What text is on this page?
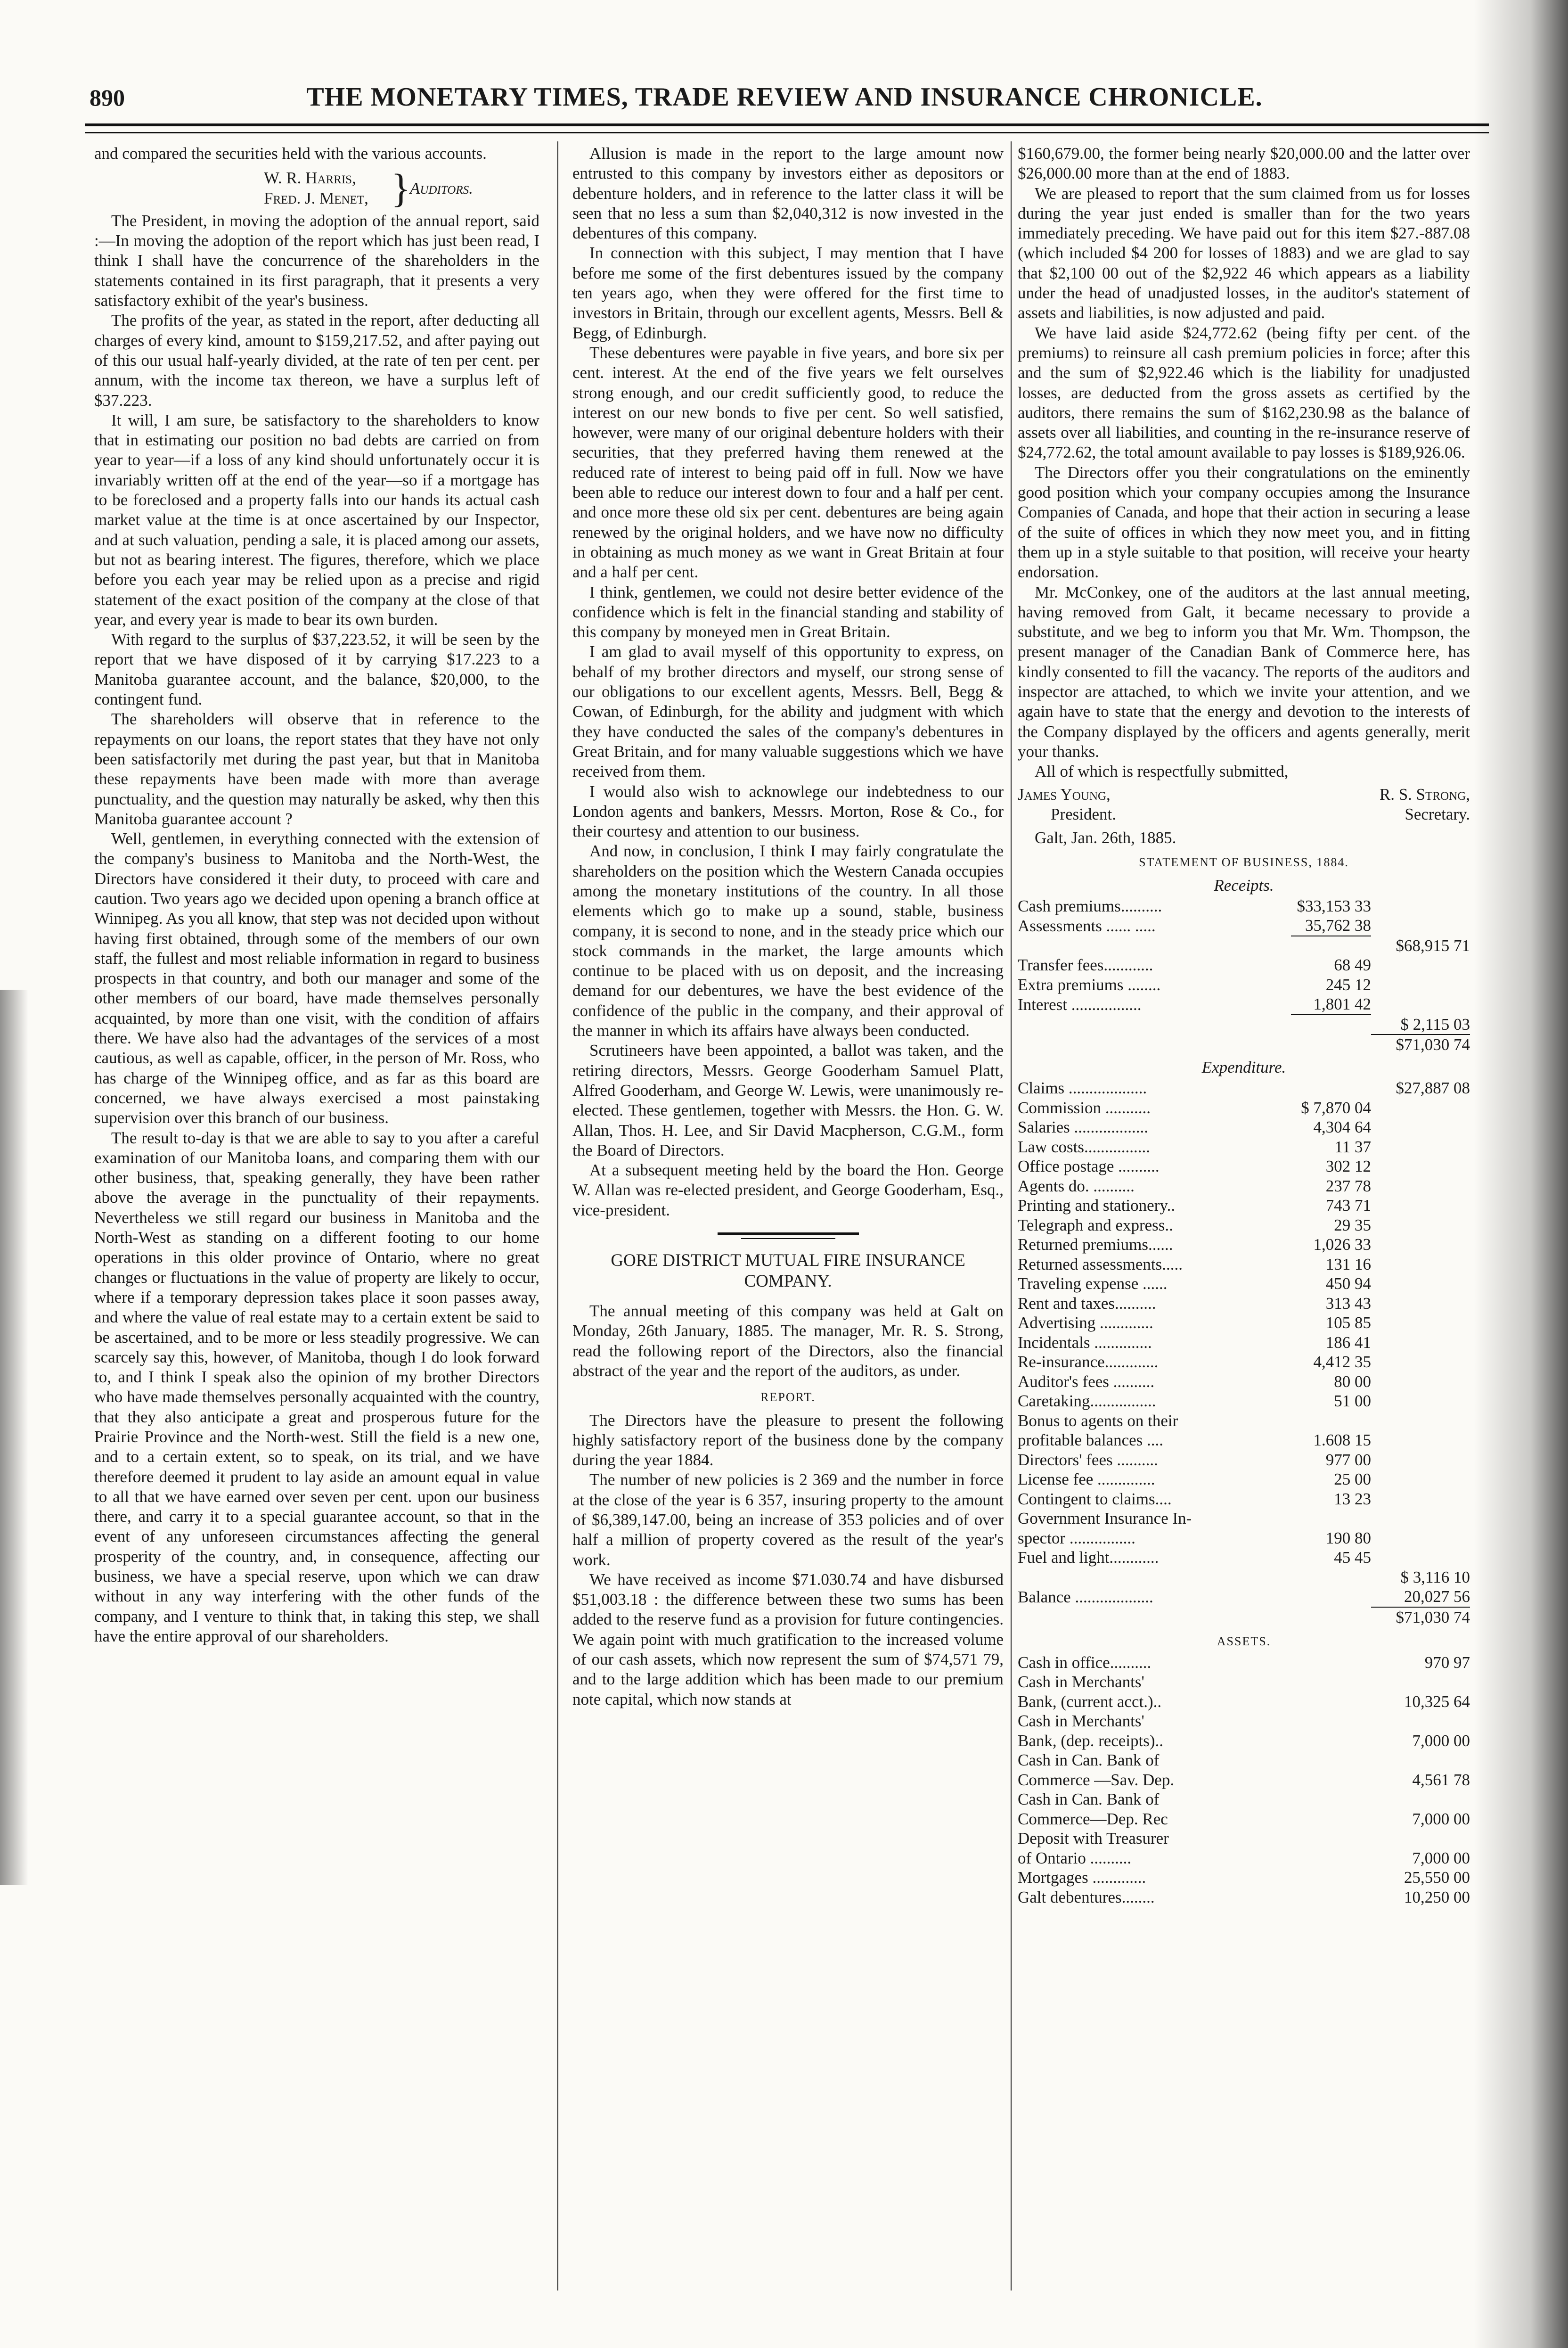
890	THE MONETARY TIMES, TRADE REVIEW AND INSURANCE CHRONICLE.

and compared the securities held with the various accounts.

W. R. Harris,
Fred. J. Menet, }
Auditors.

The President, in moving the adoption of the annual report, said :—In moving the adoption of the report which has just been read, I think I shall have the concurrence of the shareholders in the statements contained in its first paragraph, that it presents a very satisfactory exhibit of the year's business.

The profits of the year, as stated in the report, after deducting all charges of every kind, amount to $159,217.52, and after paying out of this our usual half-yearly divided, at the rate of ten per cent. per annum, with the income tax thereon, we have a surplus left of $37.223.

It will, I am sure, be satisfactory to the shareholders to know that in estimating our position no bad debts are carried on from year to year—if a loss of any kind should unfortunately occur it is invariably written off at the end of the year—so if a mortgage has to be foreclosed and a property falls into our hands its actual cash market value at the time is at once ascertained by our Inspector, and at such valuation, pending a sale, it is placed among our assets, but not as bearing interest. The figures, therefore, which we place before you each year may be relied upon as a precise and rigid statement of the exact position of the company at the close of that year, and every year is made to bear its own burden.

With regard to the surplus of $37,223.52, it will be seen by the report that we have disposed of it by carrying $17.223 to a Manitoba guarantee account, and the balance, $20,000, to the contingent fund.

The shareholders will observe that in reference to the repayments on our loans, the report states that they have not only been satisfactorily met during the past year, but that in Manitoba these repayments have been made with more than average punctuality, and the question may naturally be asked, why then this Manitoba guarantee account ?

Well, gentlemen, in everything connected with the extension of the company's business to Manitoba and the North-West, the Directors have considered it their duty, to proceed with care and caution. Two years ago we decided upon opening a branch office at Winnipeg. As you all know, that step was not decided upon without having first obtained, through some of the members of our own staff, the fullest and most reliable information in regard to business prospects in that country, and both our manager and some of the other members of our board, have made themselves personally acquainted, by more than one visit, with the condition of affairs there. We have also had the advantages of the services of a most cautious, as well as capable, officer, in the person of Mr. Ross, who has charge of the Winnipeg office, and as far as this board are concerned, we have always exercised a most painstaking supervision over this branch of our business.

The result to-day is that we are able to say to you after a careful examination of our Manitoba loans, and comparing them with our other business, that, speaking generally, they have been rather above the average in the punctuality of their repayments. Nevertheless we still regard our business in Manitoba and the North-West as standing on a different footing to our home operations in this older province of Ontario, where no great changes or fluctuations in the value of property are likely to occur, where if a temporary depression takes place it soon passes away, and where the value of real estate may to a certain extent be said to be ascertained, and to be more or less steadily progressive. We can scarcely say this, however, of Manitoba, though I do look forward to, and I think I speak also the opinion of my brother Directors who have made themselves personally acquainted with the country, that they also anticipate a great and prosperous future for the Prairie Province and the North-west. Still the field is a new one, and to a certain extent, so to speak, on its trial, and we have therefore deemed it prudent to lay aside an amount equal in value to all that we have earned over seven per cent. upon our business there, and carry it to a special guarantee account, so that in the event of any unforeseen circumstances affecting the general prosperity of the country, and, in consequence, affecting our business, we have a special reserve, upon which we can draw without in any way interfering with the other funds of the company, and I venture to think that, in taking this step, we shall have the entire approval of our shareholders.

Allusion is made in the report to the large amount now entrusted to this company by investors either as depositors or debenture holders, and in reference to the latter class it will be seen that no less a sum than $2,040,312 is now invested in the debentures of this company.

In connection with this subject, I may mention that I have before me some of the first debentures issued by the company ten years ago, when they were offered for the first time to investors in Britain, through our excellent agents, Messrs. Bell & Begg, of Edinburgh.

These debentures were payable in five years, and bore six per cent. interest. At the end of the five years we felt ourselves strong enough, and our credit sufficiently good, to reduce the interest on our new bonds to five per cent. So well satisfied, however, were many of our original debenture holders with their securities, that they preferred having them renewed at the reduced rate of interest to being paid off in full. Now we have been able to reduce our interest down to four and a half per cent. and once more these old six per cent. debentures are being again renewed by the original holders, and we have now no difficulty in obtaining as much money as we want in Great Britain at four and a half per cent.

I think, gentlemen, we could not desire better evidence of the confidence which is felt in the financial standing and stability of this company by moneyed men in Great Britain.

I am glad to avail myself of this opportunity to express, on behalf of my brother directors and myself, our strong sense of our obligations to our excellent agents, Messrs. Bell, Begg & Cowan, of Edinburgh, for the ability and judgment with which they have conducted the sales of the company's debentures in Great Britain, and for many valuable suggestions which we have received from them.

I would also wish to acknowlege our indebtedness to our London agents and bankers, Messrs. Morton, Rose & Co., for their courtesy and attention to our business.

And now, in conclusion, I think I may fairly congratulate the shareholders on the position which the Western Canada occupies among the monetary institutions of the country. In all those elements which go to make up a sound, stable, business company, it is second to none, and in the steady price which our stock commands in the market, the large amounts which continue to be placed with us on deposit, and the increasing demand for our debentures, we have the best evidence of the confidence of the public in the company, and their approval of the manner in which its affairs have always been conducted.

Scrutineers have been appointed, a ballot was taken, and the retiring directors, Messrs. George Gooderham Samuel Platt, Alfred Gooderham, and George W. Lewis, were unanimously re-elected. These gentlemen, together with Messrs. the Hon. G. W. Allan, Thos. H. Lee, and Sir David Macpherson, C.G.M., form the Board of Directors.

At a subsequent meeting held by the board the Hon. George W. Allan was re-elected president, and George Gooderham, Esq., vice-president.

GORE DISTRICT MUTUAL FIRE INSURANCE COMPANY.

The annual meeting of this company was held at Galt on Monday, 26th January, 1885. The manager, Mr. R. S. Strong, read the following report of the Directors, also the financial abstract of the year and the report of the auditors, as under.

REPORT.

The Directors have the pleasure to present the following highly satisfactory report of the business done by the company during the year 1884.

The number of new policies is 2 369 and the number in force at the close of the year is 6 357, insuring property to the amount of $6,389,147.00, being an increase of 353 policies and of over half a million of property covered as the result of the year's work.

We have received as income $71.030.74 and have disbursed $51,003.18 : the difference between these two sums has been added to the reserve fund as a provision for future contingencies. We again point with much gratification to the increased volume of our cash assets, which now represent the sum of $74,571 79, and to the large addition which has been made to our premium note capital, which now stands at

$160,679.00, the former being nearly $20,000.00 and the latter over $26,000.00 more than at the end of 1883.

We are pleased to report that the sum claimed from us for losses during the year just ended is smaller than for the two years immediately preceding. We have paid out for this item $27.-887.08 (which included $4 200 for losses of 1883) and we are glad to say that $2,100 00 out of the $2,922 46 which appears as a liability under the head of unadjusted losses, in the auditor's statement of assets and liabilities, is now adjusted and paid.

We have laid aside $24,772.62 (being fifty per cent. of the premiums) to reinsure all cash premium policies in force; after this and the sum of $2,922.46 which is the liability for unadjusted losses, are deducted from the gross assets as certified by the auditors, there remains the sum of $162,230.98 as the balance of assets over all liabilities, and counting in the re-insurance reserve of $24,772.62, the total amount available to pay losses is $189,926.06.

The Directors offer you their congratulations on the eminently good position which your company occupies among the Insurance Companies of Canada, and hope that their action in securing a lease of the suite of offices in which they now meet you, and in fitting them up in a style suitable to that position, will receive your hearty endorsation.

Mr. McConkey, one of the auditors at the last annual meeting, having removed from Galt, it became necessary to provide a substitute, and we beg to inform you that Mr. Wm. Thompson, the present manager of the Canadian Bank of Commerce here, has kindly consented to fill the vacancy. The reports of the auditors and inspector are attached, to which we invite your attention, and we again have to state that the energy and devotion to the interests of the Company displayed by the officers and agents generally, merit your thanks.

All of which is respectfully submitted,

James Young,	R. S. Strong,
President.	Secretary.

Galt, Jan. 26th, 1885.

STATEMENT OF BUSINESS, 1884.
Receipts.
Cash premiums..........	$33,153 33	
Assessments ...... .....	35,762 38	
		$68,915 71
Transfer fees............	68 49	
Extra premiums ........	245 12	
Interest .................	1,801 42	
		$ 2,115 03
		$71,030 74
Expenditure.
Claims ...................		$27,887 08
Commission ...........	$ 7,870 04	
Salaries ..................	4,304 64	
Law costs................	11 37	
Office postage ..........	302 12	
Agents do. ..........	237 78	
Printing and stationery..	743 71	
Telegraph and express..	29 35	
Returned premiums......	1,026 33	
Returned assessments.....	131 16	
Traveling expense ......	450 94	
Rent and taxes..........	313 43	
Advertising .............	105 85	
Incidentals ..............	186 41	
Re-insurance.............	4,412 35	
Auditor's fees ..........	80 00	
Caretaking................	51 00	
Bonus to agents on their		
profitable balances ....	1.608 15	
Directors' fees ..........	977 00	
License fee ..............	25 00	
Contingent to claims....	13 23	
Government Insurance In-		
spector ................	190 80	
Fuel and light............	45 45	
		$ 3,116 10
Balance ...................		20,027 56
		$71,030 74
ASSETS.
Cash in office..........	970 97
Cash in Merchants'	
Bank, (current acct.)..	10,325 64
Cash in Merchants'	
Bank, (dep. receipts)..	7,000 00
Cash in Can. Bank of	
Commerce —Sav. Dep.	4,561 78
Cash in Can. Bank of	
Commerce—Dep. Rec	7,000 00
Deposit with Treasurer	
of Ontario ..........	7,000 00
Mortgages .............	25,550 00
Galt debentures........	10,250 00
